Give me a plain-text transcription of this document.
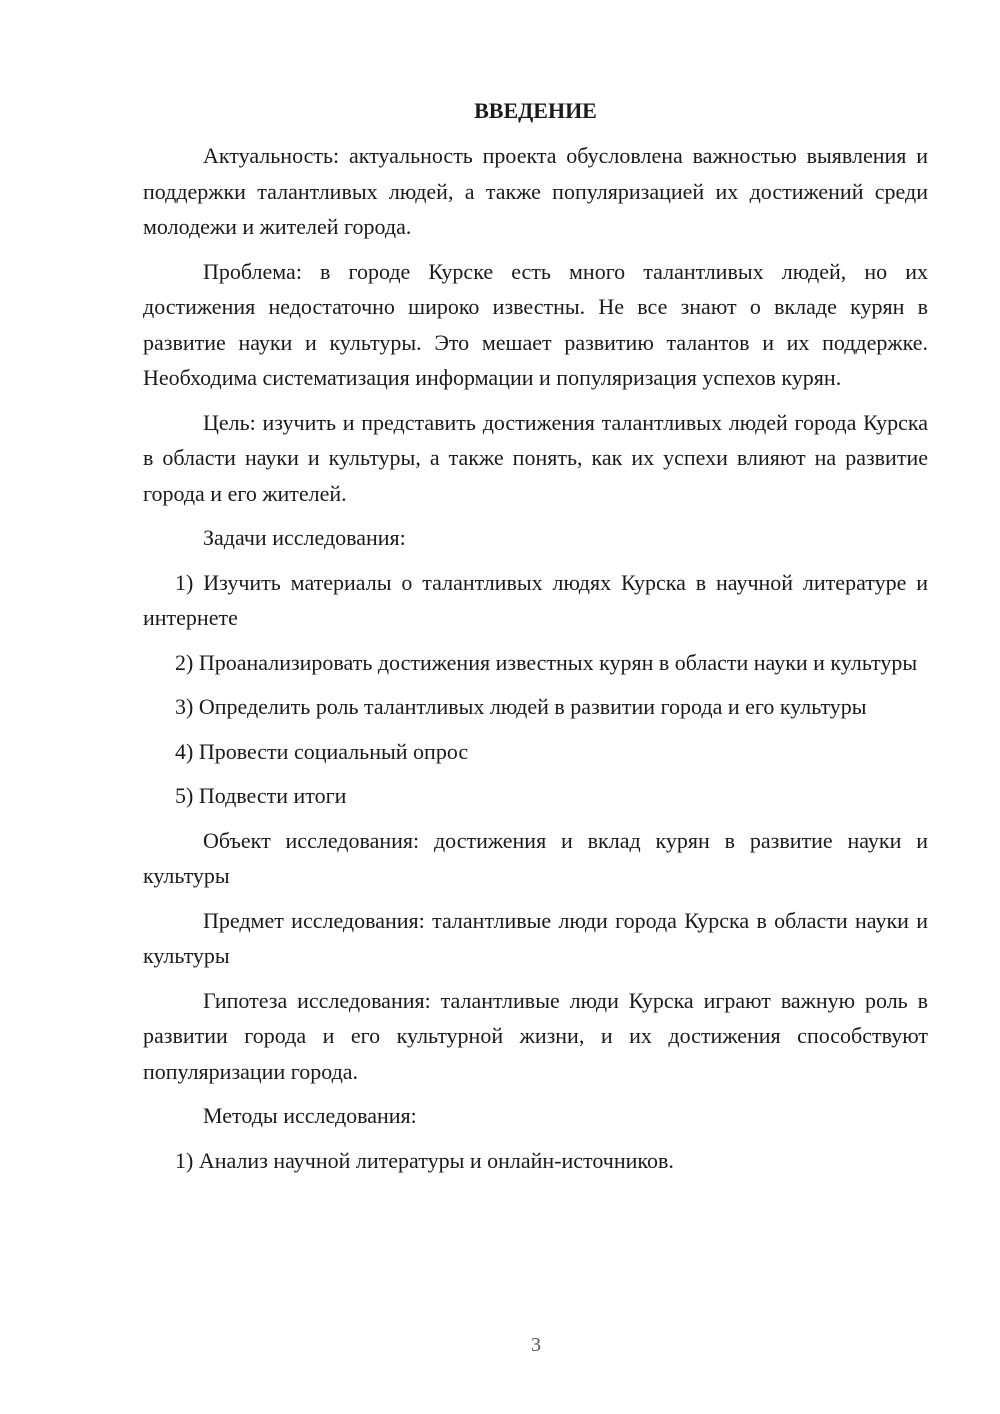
ВВЕДЕНИЕ

Актуальность: актуальность проекта обусловлена важностью выявления и поддержки талантливых людей, а также популяризацией их достижений среди молодежи и жителей города.

Проблема: в городе Курске есть много талантливых людей, но их достижения недостаточно широко известны. Не все знают о вкладе курян в развитие науки и культуры. Это мешает развитию талантов и их поддержке. Необходима систематизация информации и популяризация успехов курян.

Цель: изучить и представить достижения талантливых людей города Курска в области науки и культуры, а также понять, как их успехи влияют на развитие города и его жителей.

Задачи исследования:

1) Изучить материалы о талантливых людях Курска в научной литературе и интернете

2) Проанализировать достижения известных курян в области науки и культуры

3) Определить роль талантливых людей в развитии города и его культуры

4) Провести социальный опрос

5) Подвести итоги

Объект исследования: достижения и вклад курян в развитие науки и культуры

Предмет исследования: талантливые люди города Курска в области науки и культуры

Гипотеза исследования: талантливые люди Курска играют важную роль в развитии города и его культурной жизни, и их достижения способствуют популяризации города.

Методы исследования:

1) Анализ научной литературы и онлайн-источников.

3
